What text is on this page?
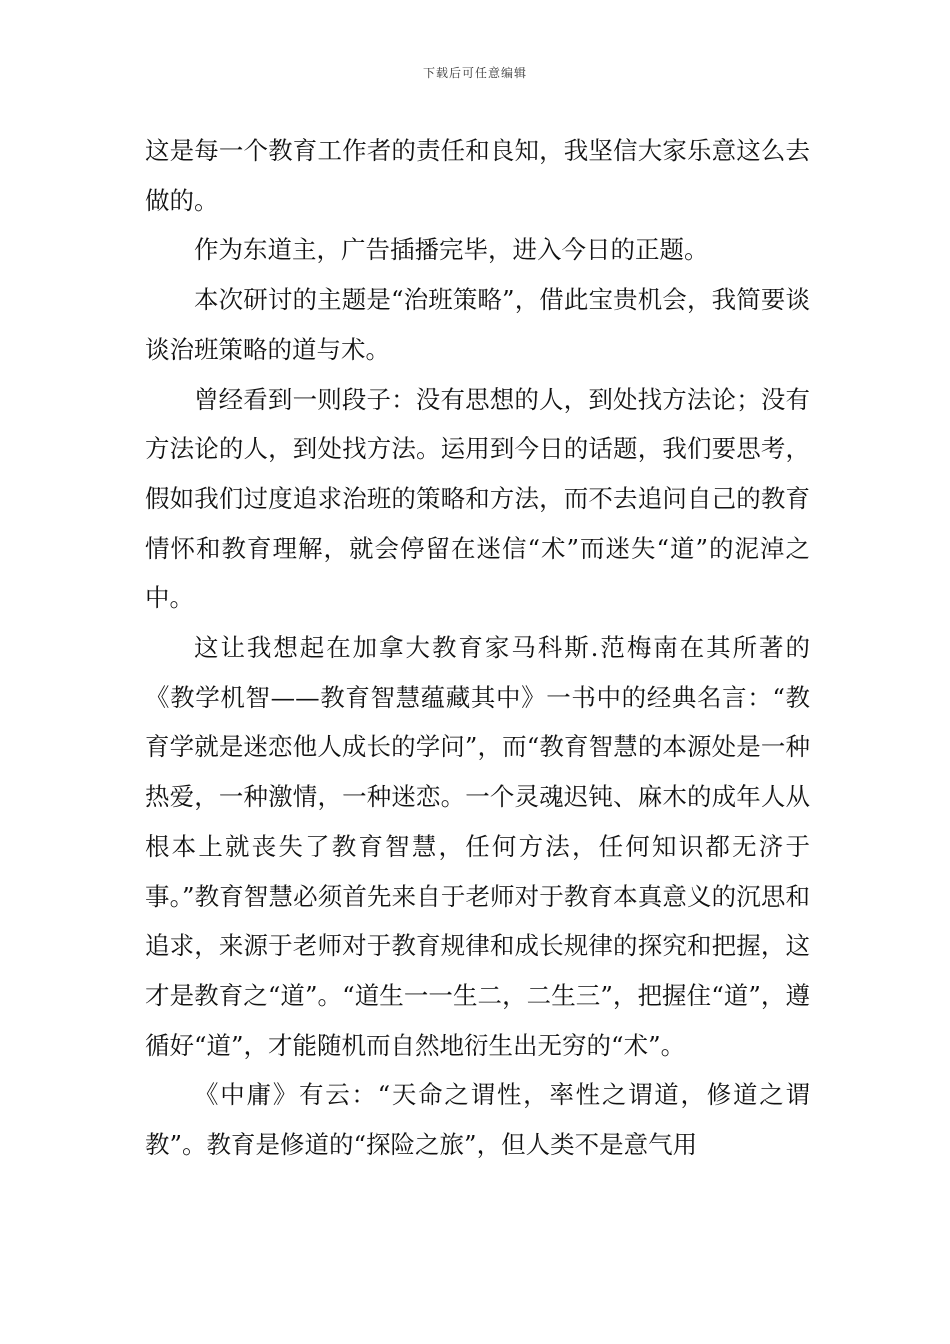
下载后可任意编辑

这是每一个教育工作者的责任和良知，我坚信大家乐意这么去做的。

作为东道主，广告插播完毕，进入今日的正题。

本次研讨的主题是“治班策略”，借此宝贵机会，我简要谈谈治班策略的道与术。

曾经看到一则段子：没有思想的人，到处找方法论；没有方法论的人，到处找方法。运用到今日的话题，我们要思考，假如我们过度追求治班的策略和方法，而不去追问自己的教育情怀和教育理解，就会停留在迷信“术”而迷失“道”的泥淖之中。

这让我想起在加拿大教育家马科斯.范梅南在其所著的《教学机智——教育智慧蕴藏其中》一书中的经典名言：“教育学就是迷恋他人成长的学问”，而“教育智慧的本源处是一种热爱，一种激情，一种迷恋。一个灵魂迟钝、麻木的成年人从根本上就丧失了教育智慧，任何方法，任何知识都无济于事。”教育智慧必须首先来自于老师对于教育本真意义的沉思和追求，来源于老师对于教育规律和成长规律的探究和把握，这才是教育之“道”。“道生一一生二，二生三”，把握住“道”，遵循好“道”，才能随机而自然地衍生出无穷的“术”。

《中庸》有云：“天命之谓性，率性之谓道，修道之谓教”。教育是修道的“探险之旅”，但人类不是意气用
